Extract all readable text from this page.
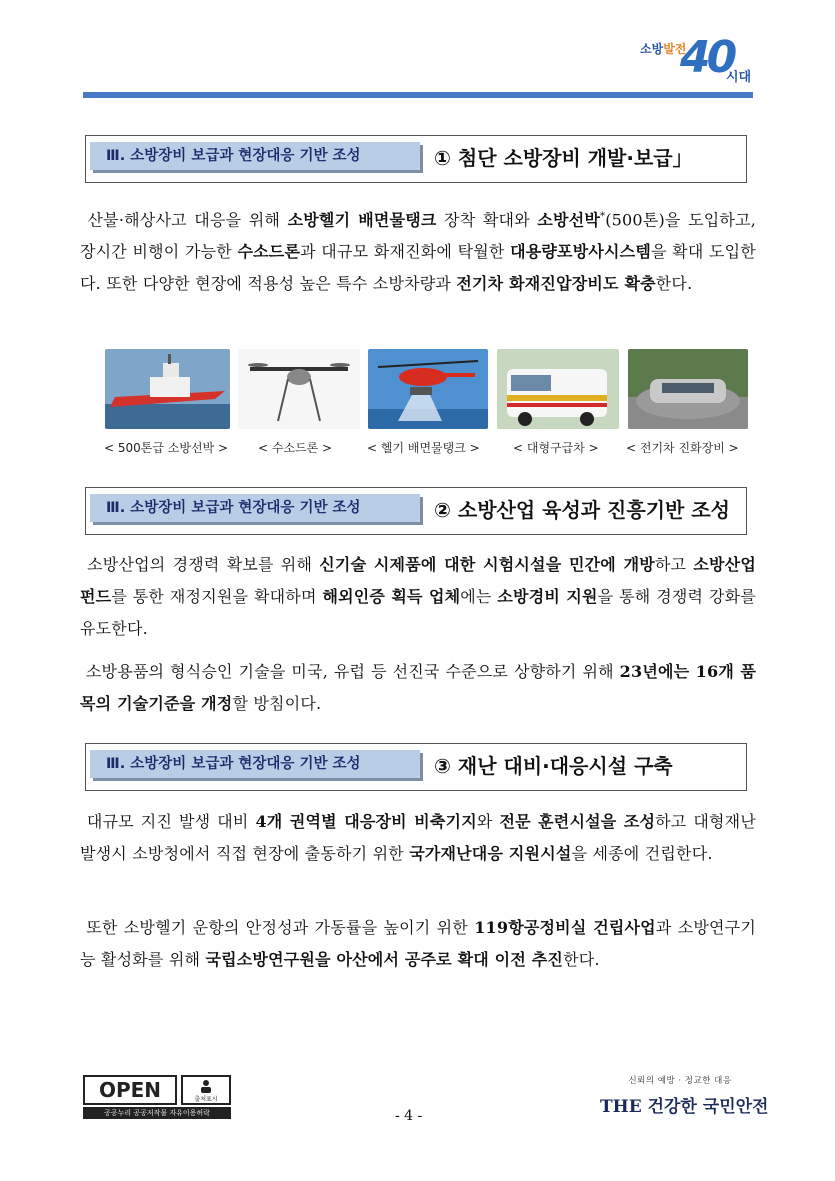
소방발전
40
시대
Ⅲ. 소방장비 보급과 현장대응 기반 조성	① 첨단 소방장비 개발·보급」
산불·해상사고 대응을 위해 소방헬기 배면물탱크 장착 확대와 소방선박*(500톤)을 도입하고, 장시간 비행이 가능한 수소드론과 대규모 화재진화에 탁월한 대용량포방사시스템을 확대 도입한다. 또한 다양한 현장에 적용성 높은 특수 소방차량과 전기차 화재진압장비도 확충한다.
< 500톤급 소방선박 > < 수소드론 >	< 헬기 배면물탱크 >	< 대형구급차 > < 전기차 진화장비 >
Ⅲ. 소방장비 보급과 현장대응 기반 조성	② 소방산업 육성과 진흥기반 조성
소방산업의 경쟁력 확보를 위해 신기술 시제품에 대한 시험시설을 민간에 개방하고 소방산업 펀드를 통한 재정지원을 확대하며 해외인증 획득 업체에는 소방경비 지원을 통해 경쟁력 강화를 유도한다.
소방용품의 형식승인 기술을 미국, 유럽 등 선진국 수준으로 상향하기 위해 23년에는 16개 품목의 기술기준을 개정할 방침이다.
Ⅲ. 소방장비 보급과 현장대응 기반 조성	③ 재난 대비·대응시설 구축
대규모 지진 발생 대비 4개 권역별 대응장비 비축기지와 전문 훈련시설을 조성하고 대형재난 발생시 소방청에서 직접 현장에 출동하기 위한 국가재난대응 지원시설을 세종에 건립한다.
또한 소방헬기 운항의 안정성과 가동률을 높이기 위한 119항공정비실 건립사업과 소방연구기능 활성화를 위해 국립소방연구원을 아산에서 공주로 확대 이전 추진한다.
OPEN	출처표시
공공누리 공공저작물 자유이용허락	- 4 -
신뢰의 예방 · 정교한 대응
THE 건강한 국민안전
